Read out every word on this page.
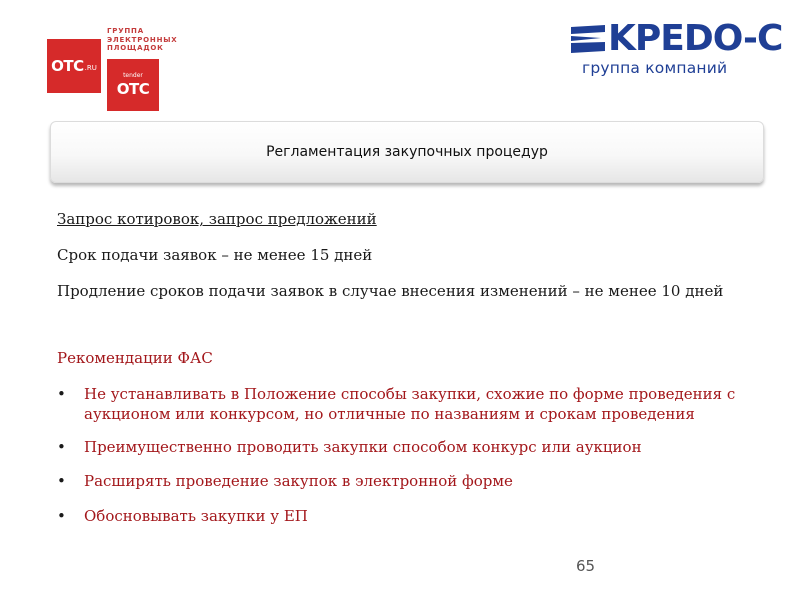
OTC .RU
ГРУППА
ЭЛЕКТРОННЫХ
ПЛОЩАДОК
tender
OTC
KPEDO-C
группа компаний
Регламентация закупочных процедур
Запрос котировок, запрос предложений
Срок подачи заявок – не менее 15 дней
Продление сроков подачи заявок в случае внесения изменений – не менее 10 дней
Рекомендации ФАС
• Не устанавливать в Положение способы закупки, схожие по форме проведения с аукционом или конкурсом, но отличные по названиям и срокам проведения
• Преимущественно проводить закупки способом конкурс или аукцион
• Расширять проведение закупок в электронной форме
• Обосновывать закупки у ЕП
65
